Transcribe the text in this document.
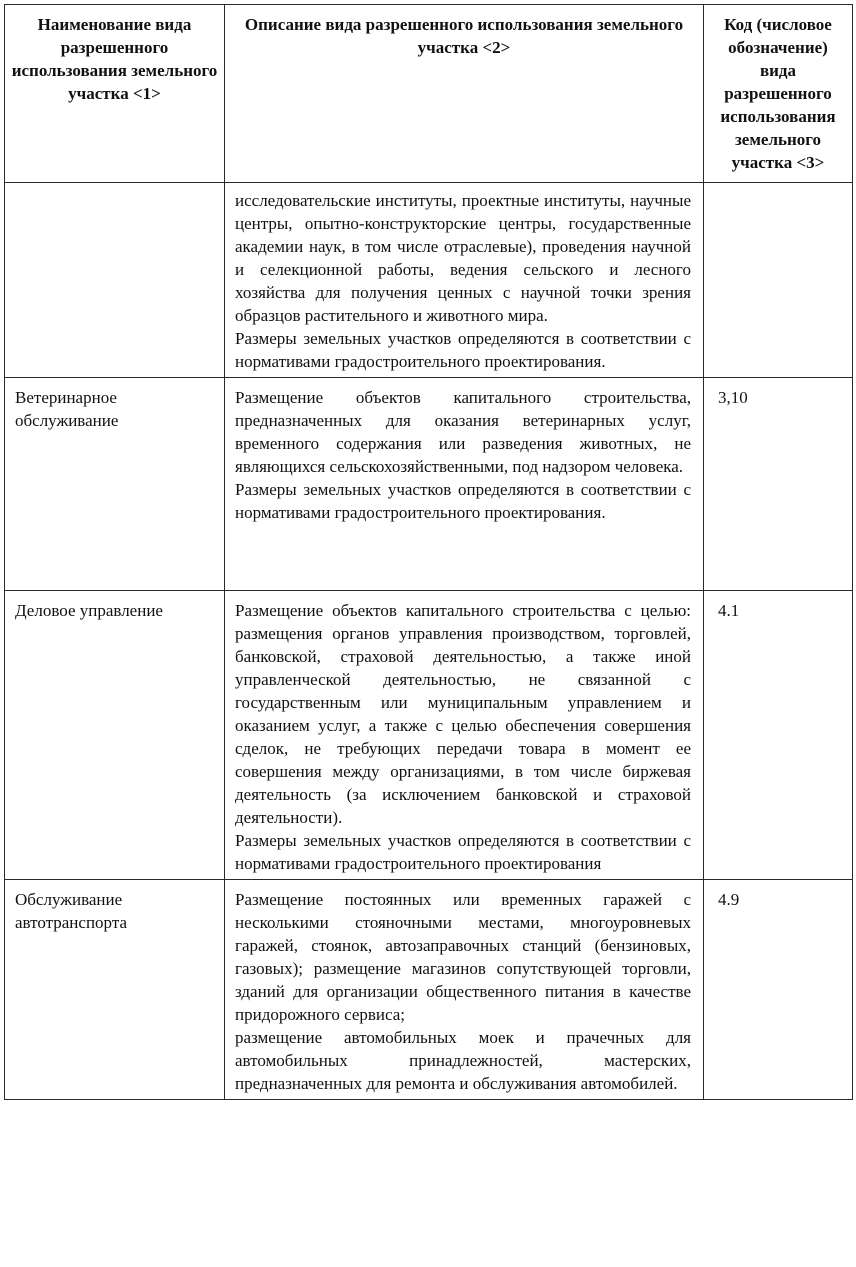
Наименование вида разрешенного использования земельного участка <1>	Описание вида разрешенного использования земельного участка <2>	Код (числовое обозначение) вида разрешенного использования земельного участка <3>

	исследовательские институты, проектные институты, научные центры, опытно-конструкторские центры, государственные академии наук, в том числе отраслевые), проведения научной и селекционной работы, ведения сельского и лесного хозяйства для получения ценных с научной точки зрения образцов растительного и животного мира.

Размеры земельных участков определяются в соответствии с нормативами градостроительного проектирования.	

Ветеринарное обслуживание	Размещение объектов капитального строительства, предназначенных для оказания ветеринарных услуг, временного содержания или разведения животных, не являющихся сельскохозяйственными, под надзором человека.

Размеры земельных участков определяются в соответствии с нормативами градостроительного проектирования.	3,10
Деловое управление	Размещение объектов капитального строительства с целью: размещения органов управления производством, торговлей, банковской, страховой деятельностью, а также иной управленческой деятельностью, не связанной с государственным или муниципальным управлением и оказанием услуг, а также с целью обеспечения совершения сделок, не требующих передачи товара в момент ее совершения между организациями, в том числе биржевая деятельность (за исключением банковской и страховой деятельности).

Размеры земельных участков определяются в соответствии с нормативами градостроительного проектирования	4.1
Обслуживание автотранспорта	Размещение постоянных или временных гаражей с несколькими стояночными местами, многоуровневых гаражей, стоянок, автозаправочных станций (бензиновых, газовых); размещение магазинов сопутствующей торговли, зданий для организации общественного питания в качестве придорожного сервиса;

размещение автомобильных моек и прачечных для автомобильных принадлежностей, мастерских, предназначенных для ремонта и обслуживания автомобилей.	4.9
